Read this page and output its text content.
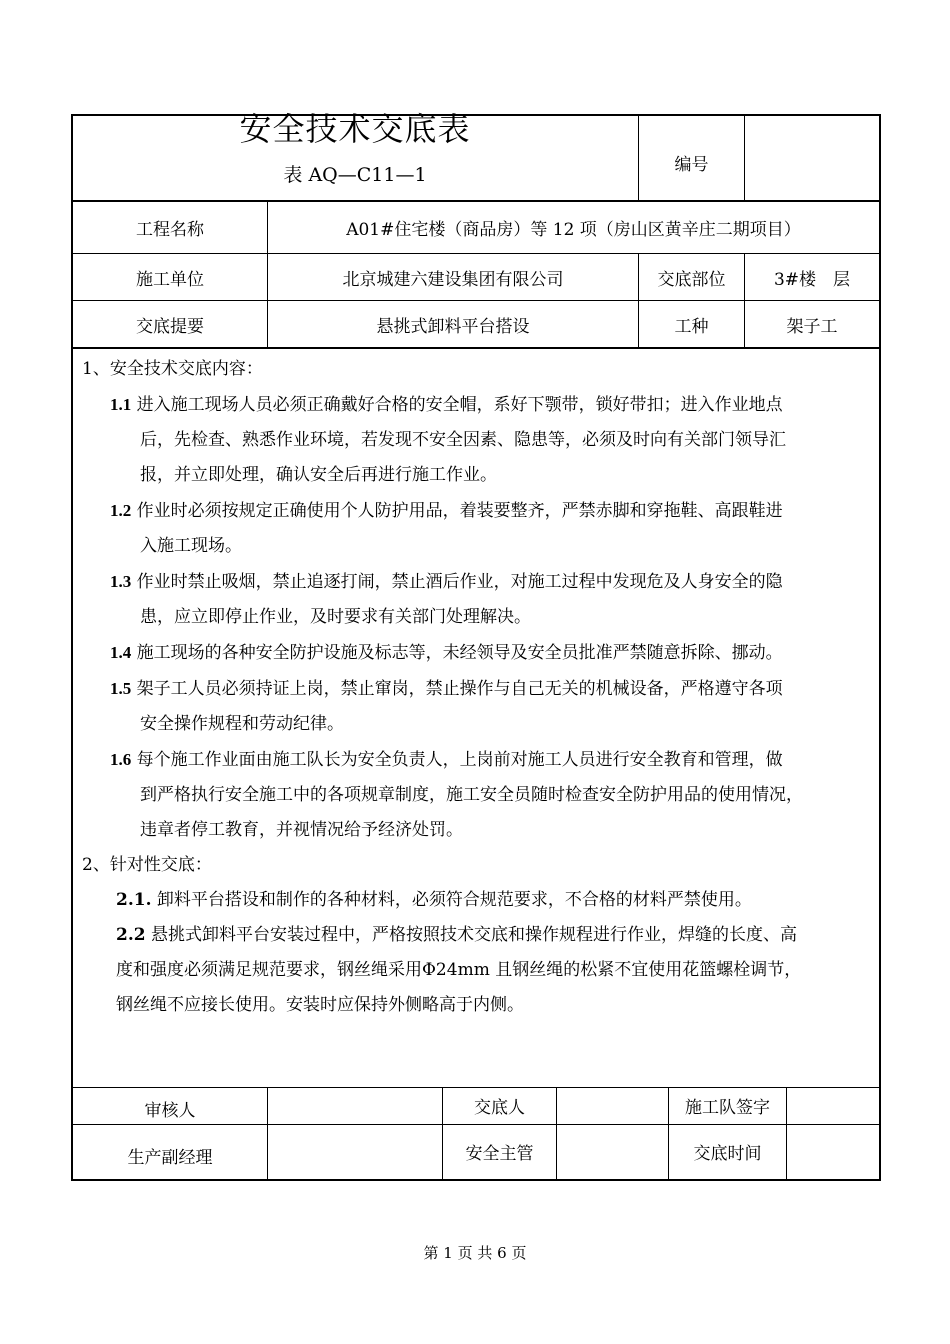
安全技术交底表
表 AQ—C11—1	编号
工程名称	A01#住宅楼（商品房）等 12 项（房山区黄辛庄二期项目）
施工单位	北京城建六建设集团有限公司	交底部位	3#楼　层
交底提要	悬挑式卸料平台搭设	工种	架子工

1、安全技术交底内容：

1.1 进入施工现场人员必须正确戴好合格的安全帽，系好下颚带，锁好带扣；进入作业地点

后，先检查、熟悉作业环境，若发现不安全因素、隐患等，必须及时向有关部门领导汇

报，并立即处理，确认安全后再进行施工作业。

1.2 作业时必须按规定正确使用个人防护用品，着装要整齐，严禁赤脚和穿拖鞋、高跟鞋进

入施工现场。

1.3 作业时禁止吸烟，禁止追逐打闹，禁止酒后作业，对施工过程中发现危及人身安全的隐

患，应立即停止作业，及时要求有关部门处理解决。

1.4 施工现场的各种安全防护设施及标志等，未经领导及安全员批准严禁随意拆除、挪动。

1.5 架子工人员必须持证上岗，禁止窜岗，禁止操作与自己无关的机械设备，严格遵守各项

安全操作规程和劳动纪律。

1.6 每个施工作业面由施工队长为安全负责人，上岗前对施工人员进行安全教育和管理，做

到严格执行安全施工中的各项规章制度，施工安全员随时检查安全防护用品的使用情况，

违章者停工教育，并视情况给予经济处罚。

2、针对性交底：

2.1. 卸料平台搭设和制作的各种材料，必须符合规范要求，不合格的材料严禁使用。

2.2 悬挑式卸料平台安装过程中，严格按照技术交底和操作规程进行作业，焊缝的长度、高

度和强度必须满足规范要求，钢丝绳采用Φ24mm 且钢丝绳的松紧不宜使用花篮螺栓调节，

钢丝绳不应接长使用。安装时应保持外侧略高于内侧。

审核人	交底人	施工队签字
生产副经理	安全主管	交底时间
第 1 页 共 6 页
